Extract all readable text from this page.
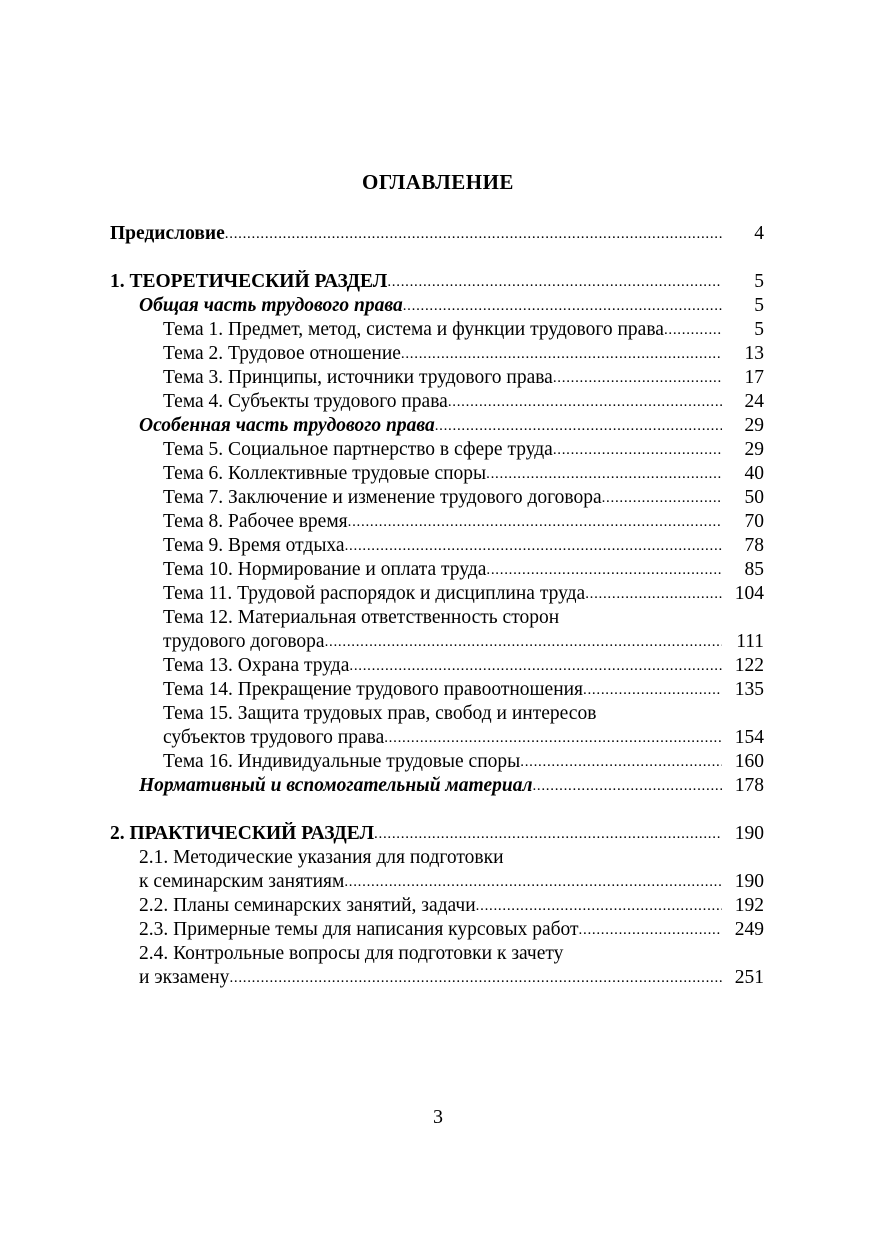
ОГЛАВЛЕНИЕ
Предисловие .....	4
1. ТЕОРЕТИЧЕСКИЙ РАЗДЕЛ .....	5
Общая часть трудового права .....	5
Тема 1. Предмет, метод, система и функции трудового права .....	5
Тема 2. Трудовое отношение .....	13
Тема 3. Принципы, источники трудового права .....	17
Тема 4. Субъекты трудового права .....	24
Особенная часть трудового права .....	29
Тема 5. Социальное партнерство в сфере труда .....	29
Тема 6. Коллективные трудовые споры .....	40
Тема 7. Заключение и изменение трудового договора .....	50
Тема 8. Рабочее время .....	70
Тема 9. Время отдыха .....	78
Тема 10. Нормирование и оплата труда .....	85
Тема 11. Трудовой распорядок и дисциплина труда .....	104
Тема 12. Материальная ответственность сторон
трудового договора .....	111
Тема 13. Охрана труда .....	122
Тема 14. Прекращение трудового правоотношения .....	135
Тема 15. Защита трудовых прав, свобод и интересов
субъектов трудового права .....	154
Тема 16. Индивидуальные трудовые споры .....	160
Нормативный и вспомогательный материал .....	178
2. ПРАКТИЧЕСКИЙ РАЗДЕЛ .....	190
2.1. Методические указания для подготовки
к семинарским занятиям .....	190
2.2. Планы семинарских занятий, задачи .....	192
2.3. Примерные темы для написания курсовых работ .....	249
2.4. Контрольные вопросы для подготовки к зачету
и экзамену .....	251
3
